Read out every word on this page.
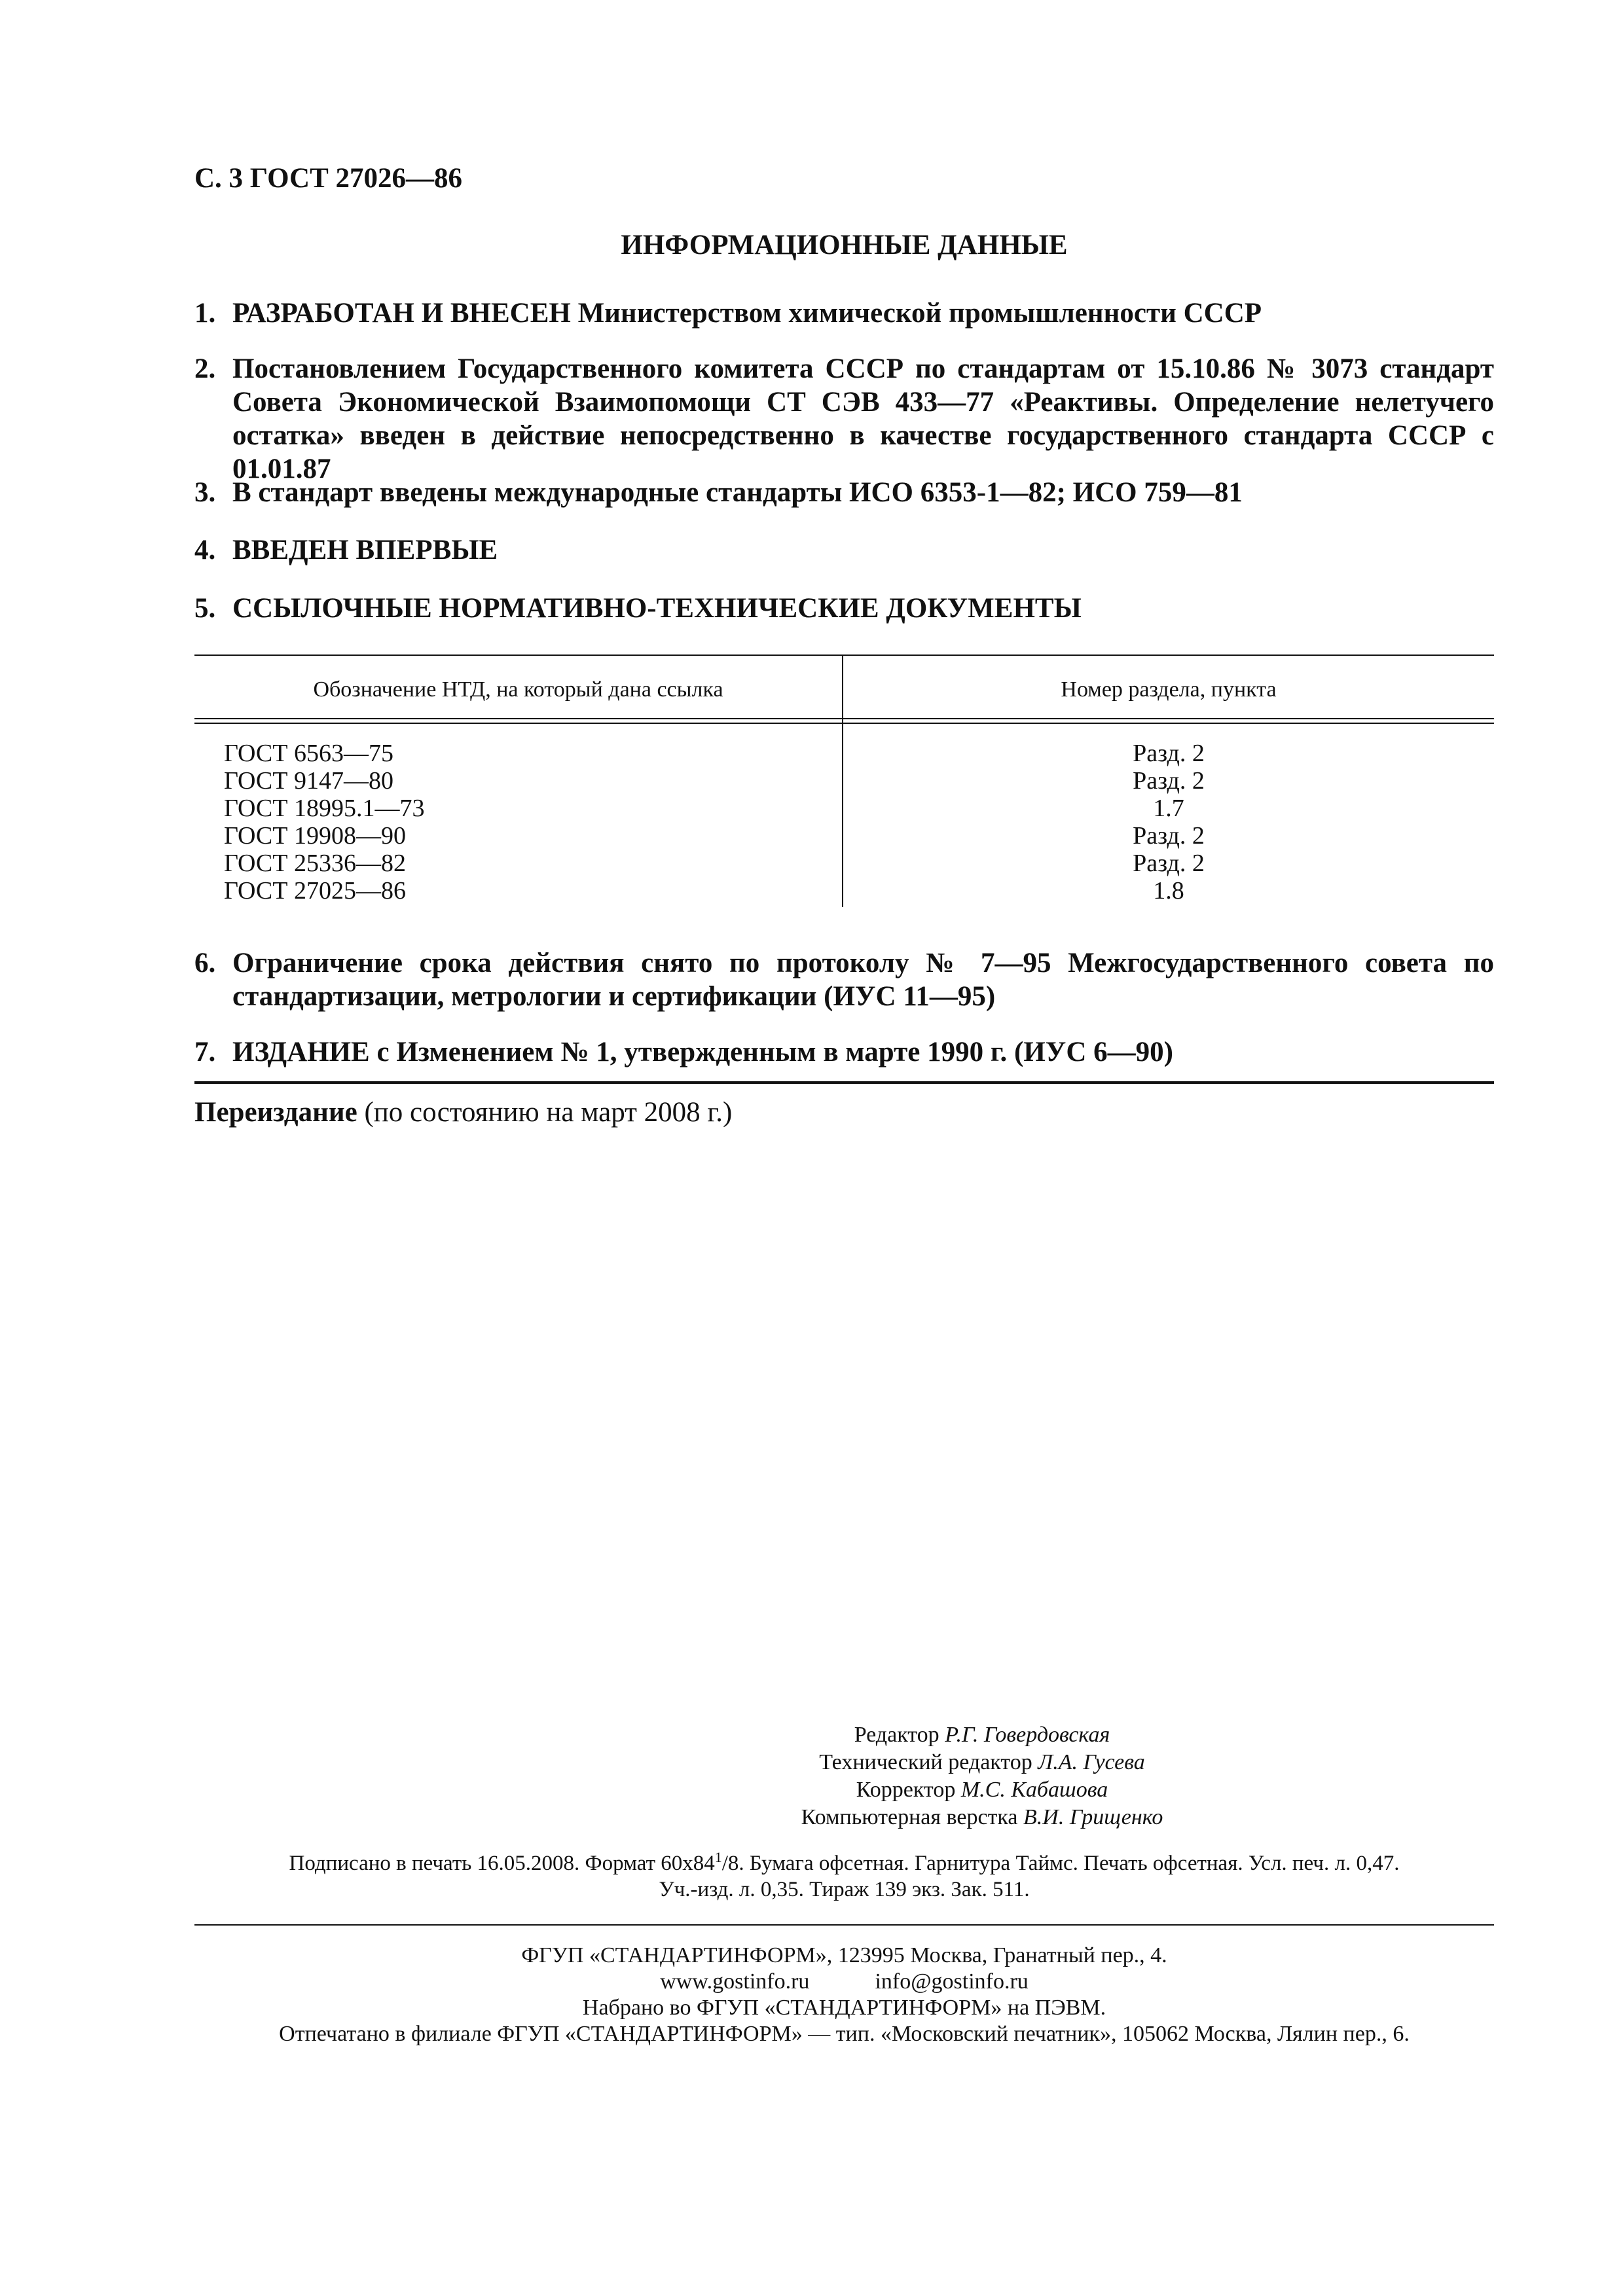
С. 3 ГОСТ 27026—86
ИНФОРМАЦИОННЫЕ ДАННЫЕ
1. РАЗРАБОТАН И ВНЕСЕН Министерством химической промышленности СССР
2. Постановлением Государственного комитета СССР по стандартам от 15.10.86 № 3073 стандарт Совета Экономической Взаимопомощи СТ СЭВ 433—77 «Реактивы. Определение нелетучего остатка» введен в действие непосредственно в качестве государственного стандарта СССР с 01.01.87
3. В стандарт введены международные стандарты ИСО 6353-1—82; ИСО 759—81
4. ВВЕДЕН ВПЕРВЫЕ
5. ССЫЛОЧНЫЕ НОРМАТИВНО-ТЕХНИЧЕСКИЕ ДОКУМЕНТЫ
Обозначение НТД, на который дана ссылка	Номер раздела, пункта
ГОСТ 6563—75
ГОСТ 9147—80
ГОСТ 18995.1—73
ГОСТ 19908—90
ГОСТ 25336—82
ГОСТ 27025—86
Разд. 2
Разд. 2
1.7
Разд. 2
Разд. 2
1.8
6. Ограничение срока действия снято по протоколу № 7—95 Межгосударственного совета по стандартизации, метрологии и сертификации (ИУС 11—95)
7. ИЗДАНИЕ с Изменением № 1, утвержденным в марте 1990 г. (ИУС 6—90)
Переиздание (по состоянию на март 2008 г.)
Редактор Р.Г. Говердовская
Технический редактор Л.А. Гусева
Корректор М.С. Кабашова
Компьютерная верстка В.И. Грищенко
Подписано в печать 16.05.2008. Формат $60х84^1/8$. Бумага офсетная. Гарнитура Таймс. Печать офсетная. Усл. печ. л. 0,47.
Уч.-изд. л. 0,35. Тираж 139 экз. Зак. 511.
ФГУП «СТАНДАРТИНФОРМ», 123995 Москва, Гранатный пер., 4.
www.gostinfo.ru	info@gostinfo.ru
Набрано во ФГУП «СТАНДАРТИНФОРМ» на ПЭВМ.
Отпечатано в филиале ФГУП «СТАНДАРТИНФОРМ» — тип. «Московский печатник», 105062 Москва, Лялин пер., 6.
